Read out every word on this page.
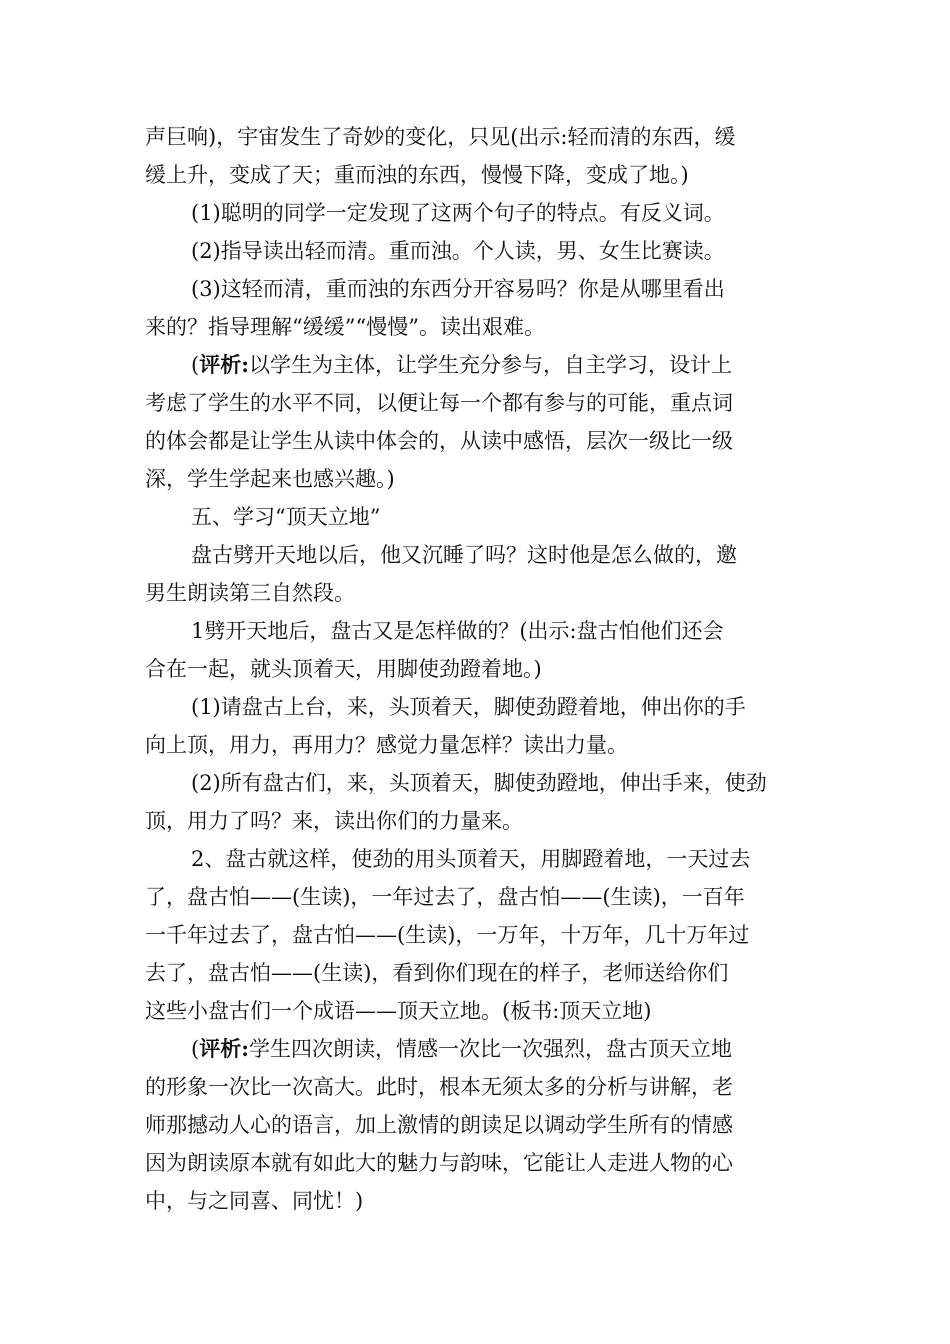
声巨响)，宇宙发生了奇妙的变化，只见(出示:轻而清的东西，缓
缓上升，变成了天；重而浊的东西，慢慢下降，变成了地。)
(1)聪明的同学一定发现了这两个句子的特点。有反义词。
(2)指导读出轻而清。重而浊。个人读，男、女生比赛读。
(3)这轻而清，重而浊的东西分开容易吗？你是从哪里看出
来的？指导理解“缓缓”“慢慢”。读出艰难。
(评析:以学生为主体，让学生充分参与，自主学习，设计上
考虑了学生的水平不同，以便让每一个都有参与的可能，重点词
的体会都是让学生从读中体会的，从读中感悟，层次一级比一级
深，学生学起来也感兴趣。)
五、学习“顶天立地”
盘古劈开天地以后，他又沉睡了吗？这时他是怎么做的，邀
男生朗读第三自然段。
1劈开天地后，盘古又是怎样做的？(出示:盘古怕他们还会
合在一起，就头顶着天，用脚使劲蹬着地。)
(1)请盘古上台，来，头顶着天，脚使劲蹬着地，伸出你的手
向上顶，用力，再用力？感觉力量怎样？读出力量。
(2)所有盘古们，来，头顶着天，脚使劲蹬地，伸出手来，使劲
顶，用力了吗？来，读出你们的力量来。
2、盘古就这样，使劲的用头顶着天，用脚蹬着地，一天过去
了，盘古怕——(生读)，一年过去了，盘古怕——(生读)，一百年
一千年过去了，盘古怕——(生读)，一万年，十万年，几十万年过
去了，盘古怕——(生读)，看到你们现在的样子，老师送给你们
这些小盘古们一个成语——顶天立地。(板书:顶天立地)
(评析:学生四次朗读，情感一次比一次强烈，盘古顶天立地
的形象一次比一次高大。此时，根本无须太多的分析与讲解，老
师那撼动人心的语言，加上激情的朗读足以调动学生所有的情感
因为朗读原本就有如此大的魅力与韵味，它能让人走进人物的心
中，与之同喜、同忧！)
